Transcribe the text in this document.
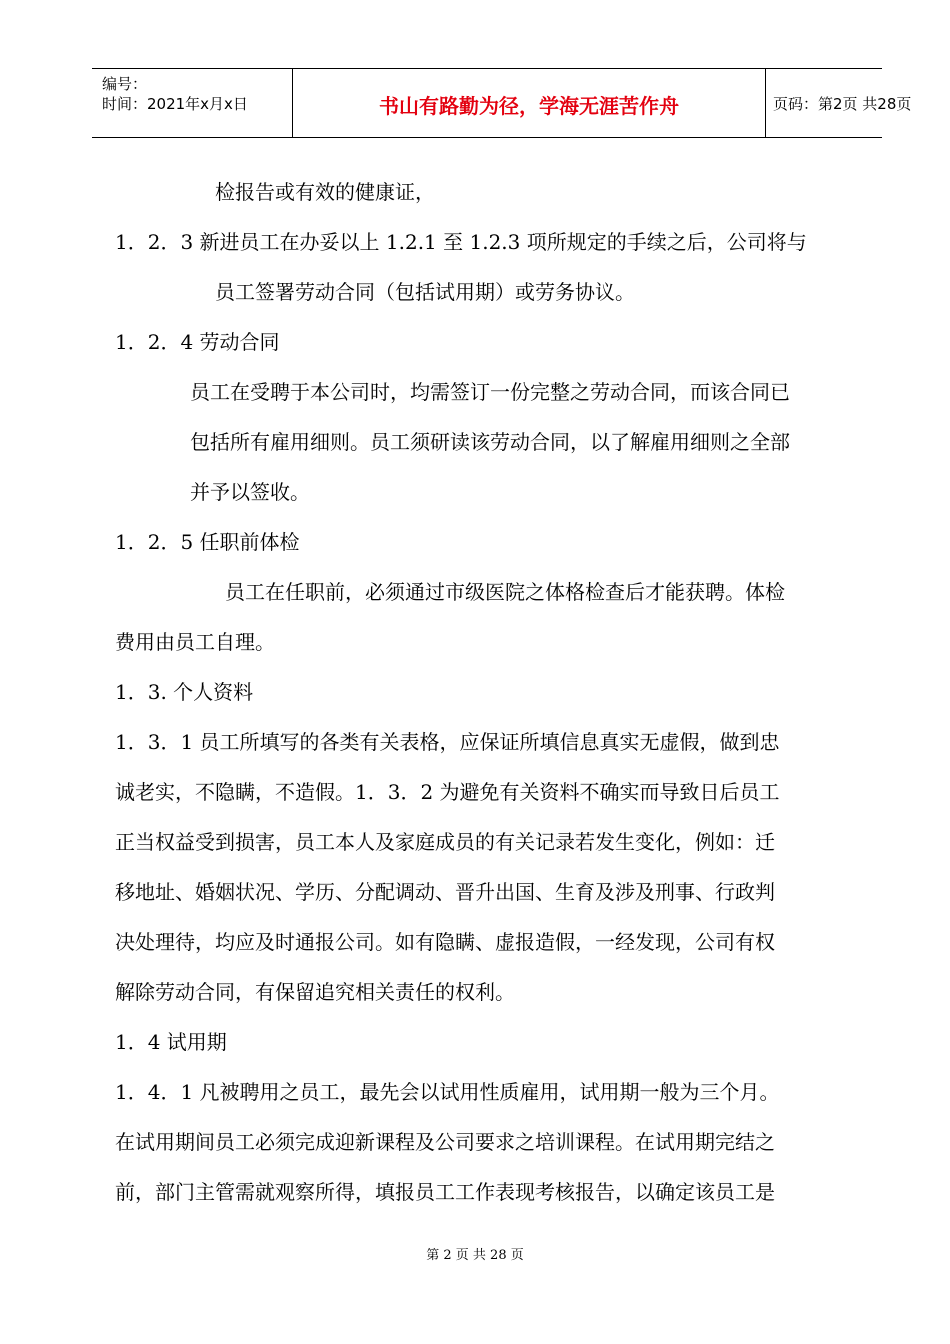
编号：
时间：2021年x月x日	书山有路勤为径，学海无涯苦作舟	页码：第2页 共28页
检报告或有效的健康证，
1．2．3 新进员工在办妥以上 1.2.1 至 1.2.3 项所规定的手续之后，公司将与
员工签署劳动合同（包括试用期）或劳务协议。
1．2．4 劳动合同
员工在受聘于本公司时，均需签订一份完整之劳动合同，而该合同已
包括所有雇用细则。员工须研读该劳动合同，以了解雇用细则之全部
并予以签收。
1．2．5 任职前体检
员工在任职前，必须通过市级医院之体格检查后才能获聘。体检
费用由员工自理。
1．3. 个人资料
1．3．1 员工所填写的各类有关表格，应保证所填信息真实无虚假，做到忠
诚老实，不隐瞒，不造假。1．3．2 为避免有关资料不确实而导致日后员工
正当权益受到损害，员工本人及家庭成员的有关记录若发生变化，例如：迁
移地址、婚姻状况、学历、分配调动、晋升出国、生育及涉及刑事、行政判
决处理待，均应及时通报公司。如有隐瞒、虚报造假，一经发现，公司有权
解除劳动合同，有保留追究相关责任的权利。
1．4 试用期
1．4．1 凡被聘用之员工，最先会以试用性质雇用，试用期一般为三个月。
在试用期间员工必须完成迎新课程及公司要求之培训课程。在试用期完结之
前，部门主管需就观察所得，填报员工工作表现考核报告，以确定该员工是
第 2 页 共 28 页
